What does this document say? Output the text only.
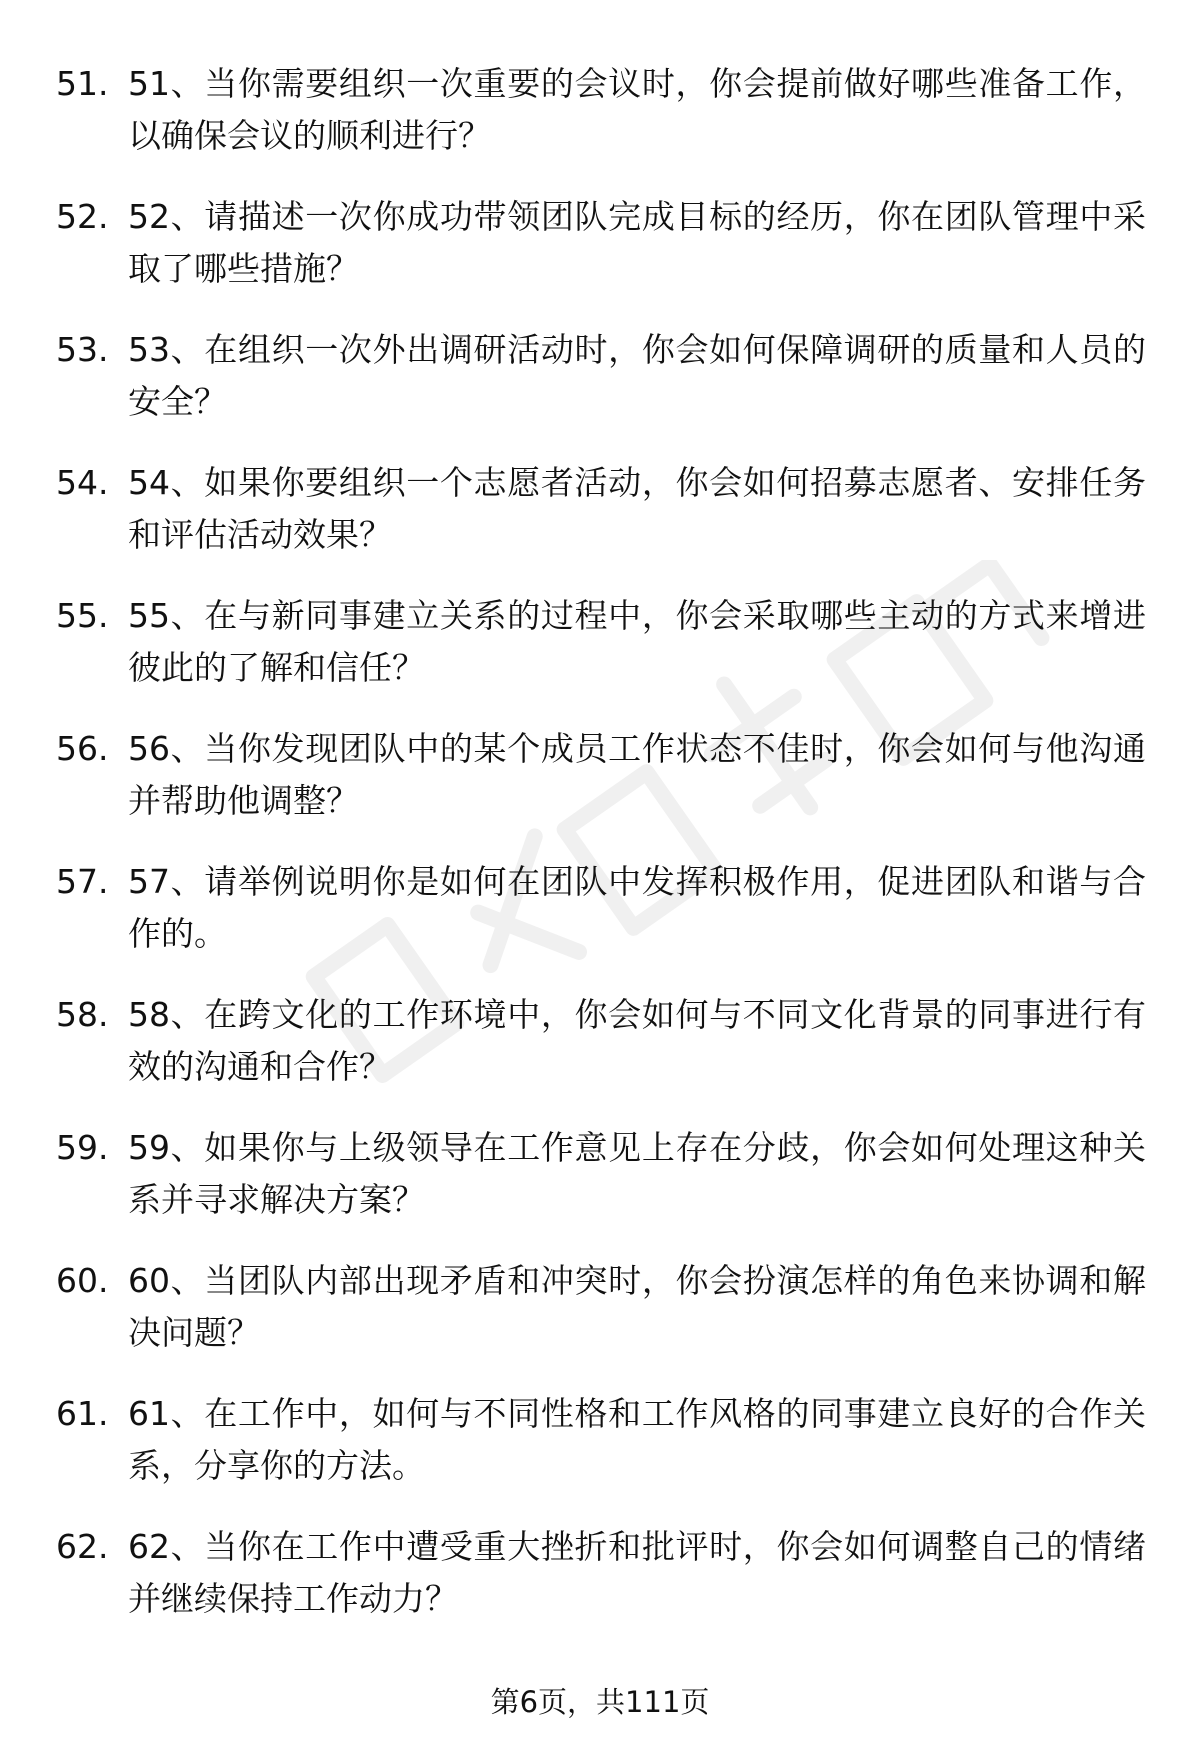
51. 51、当你需要组织一次重要的会议时，你会提前做好哪些准备工作，以确保会议的顺利进行？
52. 52、请描述一次你成功带领团队完成目标的经历，你在团队管理中采取了哪些措施？
53. 53、在组织一次外出调研活动时，你会如何保障调研的质量和人员的安全？
54. 54、如果你要组织一个志愿者活动，你会如何招募志愿者、安排任务和评估活动效果？
55. 55、在与新同事建立关系的过程中，你会采取哪些主动的方式来增进彼此的了解和信任？
56. 56、当你发现团队中的某个成员工作状态不佳时，你会如何与他沟通并帮助他调整？
57. 57、请举例说明你是如何在团队中发挥积极作用，促进团队和谐与合作的。
58. 58、在跨文化的工作环境中，你会如何与不同文化背景的同事进行有效的沟通和合作？
59. 59、如果你与上级领导在工作意见上存在分歧，你会如何处理这种关系并寻求解决方案？
60. 60、当团队内部出现矛盾和冲突时，你会扮演怎样的角色来协调和解决问题？
61. 61、在工作中，如何与不同性格和工作风格的同事建立良好的合作关系，分享你的方法。
62. 62、当你在工作中遭受重大挫折和批评时，你会如何调整自己的情绪并继续保持工作动力？
第6页，共111页
